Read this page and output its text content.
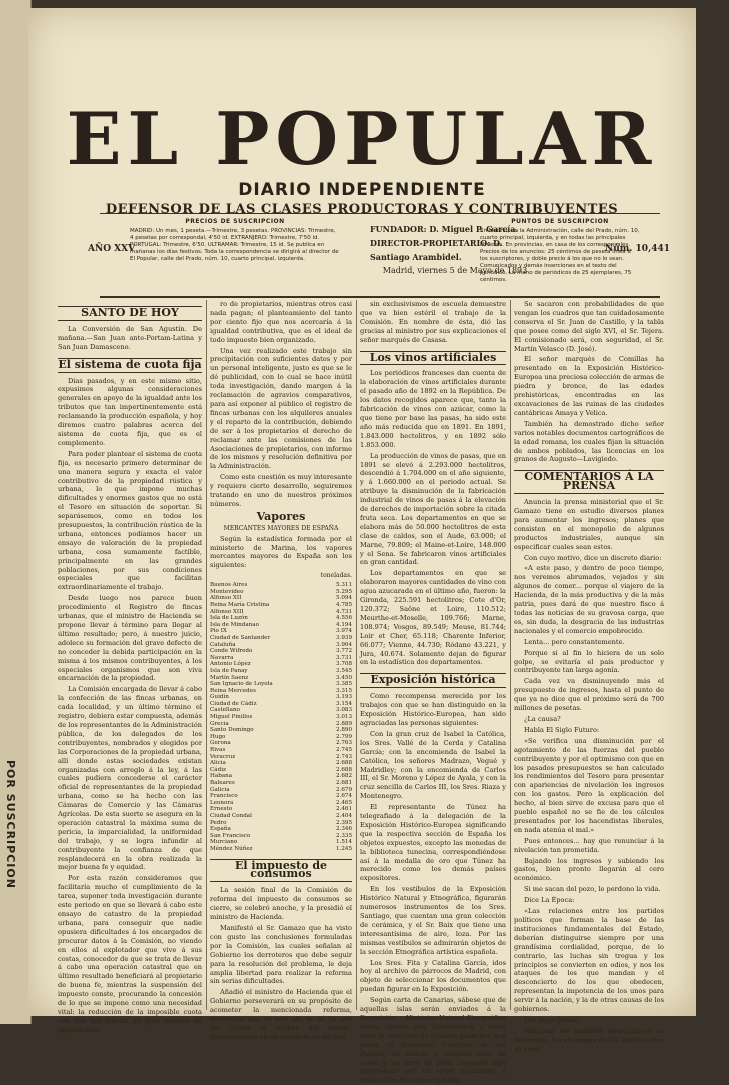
POR SUSCRIPCION
EL POPULAR
DIARIO INDEPENDIENTE
DEFENSOR DE LAS CLASES PRODUCTORAS Y CONTRIBUYENTES
AÑO XXV
PRECIOS DE SUSCRIPCION
MADRID: Un mes, 1 peseta.—Trimestre, 3 pesetas. PROVINCIAS: Trimestre, 4 pesetas por correspondal, 4'50 id. EXTRANJERO: Trimestre, 7'50 id. PORTUGAL: Trimestre, 6'50. ULTRAMAR: Trimestre, 15 id. Se publica en mañanas los días festivos. Toda la correspondencia se dirigirá al director de El Popular, calle del Prado, núm. 10, cuarto principal, izquierda.
FUNDADOR: D. Miguel P. García.
DIRECTOR-PROPIETARIO: D. Santiago Arambidel.
Madrid, viernes 5 de Mayo de 1893
PUNTOS DE SUSCRIPCION
En Madrid, en la Administración, calle del Prado, núm. 10, cuarto principal, izquierda, y en todas las principales librerías. En provincias, en casa de los corresponsales. Precios de los anuncios: 25 céntimos de peseta línea á los suscriptores, y doble precio á los que no lo sean. Comunicados y demás inserciones en el texto del periódico. La mano de periódicos de 25 ejemplares, 75 céntimos.
Núm. 10,441
SANTO DE HOY

La Conversión de San Agustín. De mañana.—San Juan ante-Portam-Latina y San Juan Damasceno.

El sistema de cuota fija

Días pasados, y en este mismo sitio, expusimos algunas consideraciones generales en apoyo de la igualdad ante los tributos que tan impertinentemente está reclamando la producción española, y hoy diremos cuatro palabras acerca del sistema de cuota fija, que es el complemento.

Para poder plantear el sistema de cuota fija, es necesario primero determinar de una manera segura y exacta el valor contributivo de la propiedad rústica y urbana, lo que impone muchas dificultades y enormes gastos que no está el Tesoro en situación de soportar. Si separásemos, como en todos los presupuestos, la contribución rústica de la urbana, entonces podíamos hacer un ensayo de valoración de la propiedad urbana, cosa sumamente factible, principalmente en las grandes poblaciones, por sus condiciones especiales que facilitan extraordinariamente el trabajo.

Desde luego nos parece buen procedimiento el Registro de fincas urbanas, que el ministro de Hacienda se propone llevar á término para llegar al último resultado; pero, á nuestro juicio, adolece su formación del grave defecto de no conceder la debida participación en la misma á los mismos contribuyentes, á los especiales organismos que son viva encarnación de la propiedad.

La Comisión encargada de llevar á cabo la confección de las fincas urbanas, en cada localidad, y un último término el registro, debiera estar compuesta, además de los representantes de la Administración pública, de los delegados de los contribuyentes, nombrados y elegidos por las Corporaciones de la propiedad urbana, allí donde estas sociedades existan organizadas con arreglo á la ley, á las cuales pudiera concederse el carácter oficial de representantes de la propiedad urbana, como se ha hecho con las Cámaras de Comercio y las Cámaras Agrícolas. De esta suerte se asegura en la operación catastral la máxima suma de pericia, la imparcialidad, la uniformidad del trabajo, y se logra infundir al contribuyente la confianza de que resplandecerá en la obra realizada la mejor buena fe y equidad.

Por esta razón consideramos que facilitaría mucho el cumplimiento de la tarea, suponer toda investigación durante este periodo en que se llevará á cabo este ensayo de catastro de la propiedad urbana, para conseguir que nadie opusiera dificultades á los encargados de procurar datos á la Comisión, no viendo en ellos al explotador que vive á sus costas, conocedor de que se trata de llevar á cabo una operación catastral que en último resultado beneficiará al propietario de buena fe, mientras la suspensión del impuesto conste, procurando la concesión de lo que se impone como una necesidad vital: la reducción de la imposible cuota con que hoy tributa un gran número de propietarios.

ro de propietarios, mientras otros casi nada pagan; el planteamiento del tanto por ciento fijo que nos acercaría á la igualdad contributiva, que es el ideal de todo impuesto bien organizado.

Una vez realizado este trabajo sin precipitación con suficientes datos y por un personal inteligente, justo es que se le dé publicidad, con lo cual se hace inútil toda investigación, dando margen á la reclamación de agravios comparativos, para así exponer al público el registro de fincas urbanas con los alquileres anuales y el reparto de la contribución, debiendo de ser á los propietarios el derecho de reclamar ante las comisiones de las Asociaciones de propietarios, con informe de los mismos y resolución definitiva por la Administración.

Como este cuestión es muy interesante y requiere cierto desarrollo, seguiremos tratando en uno de nuestros próximos números.

Vapores
MERCANTES MAYORES DE ESPAÑA

Según la estadística formada por el ministerio de Marina, los vapores mercantes mayores de España son los siguientes:

toneladas.
Buenos Aires	5.311
Montevideo	5.295
Alfonso XII	5.094
Reina María Cristina	4.785
Alfonso XIII	4.731
Isla de Luzón	4.556
Isla de Mindanao	4.194
Pío IX	3.974
Ciudad de Santander	3.939
Cataluña	3.904
Conde Wifredo	3.772
Navarra	3.731
Antonio López	3.708
Isla de Panay	3.545
Martín Saenz	3.450
San Ignacio de Loyola	3.385
Reina Mercedes	3.315
Guidín	3.193
Ciudad de Cádiz	3.154
Castellano	3.083
Miguel Pinillos	3.013
Grecia	2.889
Santo Domingo	2.890
Hugo	2.799
Gerona	2.763
Rivas	2.745
Veracruz	2.743
Alicia	2.688
Cádiz	2.688
Habana	2.682
Baleares	2.681
Galicia	2.679
Francisco	2.674
Leonora	2.465
Ernesto	2.461
Ciudad Condal	2.404
Pedro	2.395
España	2.346
San Francisco	2.335
Murciano	1.514
Méndez Núñez	1.245
El impuesto de consumos

La sesión final de la Comisión de reforma del impuesto de consumos se cierre, se celebró anoche, y la presidió el ministro de Hacienda.

Manifestó el Sr. Gamazo que ha visto con gusto las conclusiones formuladas por la Comisión, las cuales señalan al Gobierno los derroteros que debe seguir para la resolución del problema, le deja amplia libertad para realizar la reforma sin serias dificultades.

Añadió el ministro de Hacienda que el Gobierno perseverará en su propósito de acometer la mencionada reforma, esperando que en este año se dé fin que las Cortes se ocupen del asunto, traduciéndose en un proyecto de ley que

sin exclusivismos de escuela demuestre que va bien estéril el trabajo de la Comisión. En nombre de ésta, dió las gracias al ministro por sus explicaciones el señor marqués de Casasa.

Los vinos artificiales

Los periódicos franceses dan cuenta de la elaboración de vinos artificiales durante el pasado año de 1892 en la República. De los datos recogidos aparece que, tanto la fabricación de vinos con azúcar, como la que tiene por base las pasas, ha sido este año más reducida que en 1891. En 1891, 1.843.000 hectolitros, y en 1892 sólo 1.853.000.

La producción de vinos de pasas, que en 1891 se elevó á 2.293.000 hectolitros, descendió á 1.704.000 en el año siguiente, y á 1.660.000 en el periodo actual. Se atribuye la disminución de la fabricación industrial de vinos de pasas á la elevación de derechos de importación sobre la citada fruta seca. Los departamentos en que se elabora más de 50.000 hectolitros de esta clase de caldos, son el Aude, 63.000; el Marne, 79.809; el Maine-et-Loire, 148.000 y el Sena. Se fabricaron vinos artificiales en gran cantidad.

Los departamentos en que se elaboraron mayores cantidades de vino con agua azucarada en el último año, fueron: la Gironda, 225.591 hectolitros; Cote d'Or, 120.372; Saône et Loire, 110.512; Meurthe-et-Moselle, 109.766; Marne, 108.974; Vosgos, 89.549; Meuse, 81.744; Loir et Cher, 65.118; Charente Inferior, 66.077; Vienne, 44.730; Ródano 43.221, y Jura, 40.674. Solamente dejan de figurar en la estadística dos departamentos.

Exposición histórica

Como recompensa merecida por los trabajos con que se han distinguido en la Exposición Histórico-Europea, han sido agraciadas las personas siguientes:

Con la gran cruz de Isabel la Católica, los Sres. Vallé de la Cerda y Catalina García; con la encomienda de Isabel la Católica, los señores Madrazo, Vegué y Madridley; con la encomienda de Carlos III, el Sr. Moreno y López de Ayala, y con la cruz sencilla de Carlos III, los Sres. Riaza y Montenegro.

El representante de Túnez ha telegrafiado á la delegación de la Exposición Histórico-Europea significando que la respectiva sección de España los objetos expuestos, excepto las monedas de la biblioteca tunecina, correspondiéndose así á la medalla de oro que Túnez ha merecido como los demás países expositores.

En los vestíbulos de la Exposición Histórico Natural y Etnográfica, figurarán numerosos instrumentos de los Sres. Santiago, que cuentan una gran colección de cerámica, y el Sr. Baix que tiene una interesantísima de aire, loza. Por las mismas vestíbulos se admirarán objetos de la sección Etnográfica artística española.

Los Sres. Fita y Catalina García, idos hoy al archivo de párrocos de Madrid, con objeto de seleccionar los documentos que puedan figurar en la Exposición.

Según carta de Canarias, sábese que de aquellas islas serán enviados á la Exposición Histórico-Natural-Etnográfica varios objetos muy interesantes, y entre ellos la colección de cráneos guanches que posee el Seminario Conciliar de las Palmas; un valioso y artístico cáliz de cobre y un jarro de plata repujado algo deteriorado por un torpe hojalatero, á inspiración de algún capitular.

Se sacaron con probabilidades de que vengan los cuadros que tan cuidadosamente conserva el Sr. Juan de Castillo, y la tabla que posee como del siglo XVI, el Sr. Tejera. El comisionado será, con seguridad, el Sr. Martín Velasco (D. José).

El señor marqués de Comillas ha presentado en la Exposición Histórico-Europea una preciosa colección de armas de piedra y bronce, de las edades prehistóricas, encontradas en las excavaciones de las ruinas de las ciudades cantábricas Amaya y Velica.

También ha demostrado dicho señor varios notables documentos cartográficos de la edad romana, los cuales fijan la situación de ambos poblados, las licencias en los granos de Augusto—Lavigiedo.

COMENTARIOS Á LA PRENSA

Anuncia la prensa ministerial que el Sr. Gamazo tiene en estudio diversos planes para aumentar los ingresos; planes que consisten en el monopolio de algunos productos industriales, aunque sin especificar cuales sean estos.

Con cuyo motivo, dice un discreto diario:

«A este paso, y dentro de poco tiempo, nos veremos abrumados, vejados y sin algunos de comer... porque el viajero de la Hacienda, de la más productiva y de la más patria, pues dará de que nuestro fisco á todas las noticias de su gravosa carga, que es, sin duda, la desgracia de las industrias nacionales y el comercio empobrecido.

Lenta... pero constantemente.

Porque si al fin lo hiciera de un solo golpe, se evitaría el país productor y contribuyente tan larga agonía.

Cada vez va disminuyendo más el presupuesto de ingresos, hasta el punto de que ya no dice que el próximo será de 700 millones de pesetas.

¿La causa?

Habla El Siglo Futuro:

«Se verifica una disminución por el agotamiento de las fuerzas del pueblo contribuyente y por el optimismo con que en los pasados presupuestos se han calculado los rendimientos del Tesoro para presentar con apariencias de nivelación los ingresos con los gastos. Pero la explicación del hecho, al bien sirve de excusa para que el pueblo español no se fie de los cálculos presentados por los hacendistas liberales, en nada atenúa el mal.»

Pues entonces... hay que renunciar á la nivelación tan prometida.

Bajando los ingresos y subiendo los gastos, bien pronto llegarán al cero económico.

Si me sacan del pozo, le perdono la vida.

Dice La Época:

«Las relaciones entre los partidos políticos que forman la base de las instituciones fundamentales del Estado, deberían distinguirse siempre por una grandísima cordialidad, porque, de lo contrario, las luchas sin tregua y los principios se convierten en odios, y nos los ataques de los que mandan y el desconcierto de los que obedecen, representan la impotencia de los unos para servir á la nación, y la de otras causas de los gobiernos.

Los regocijadas!

Mientras los partidos monárquicos se destrozan, los enemigos de las instituciones se unen.
